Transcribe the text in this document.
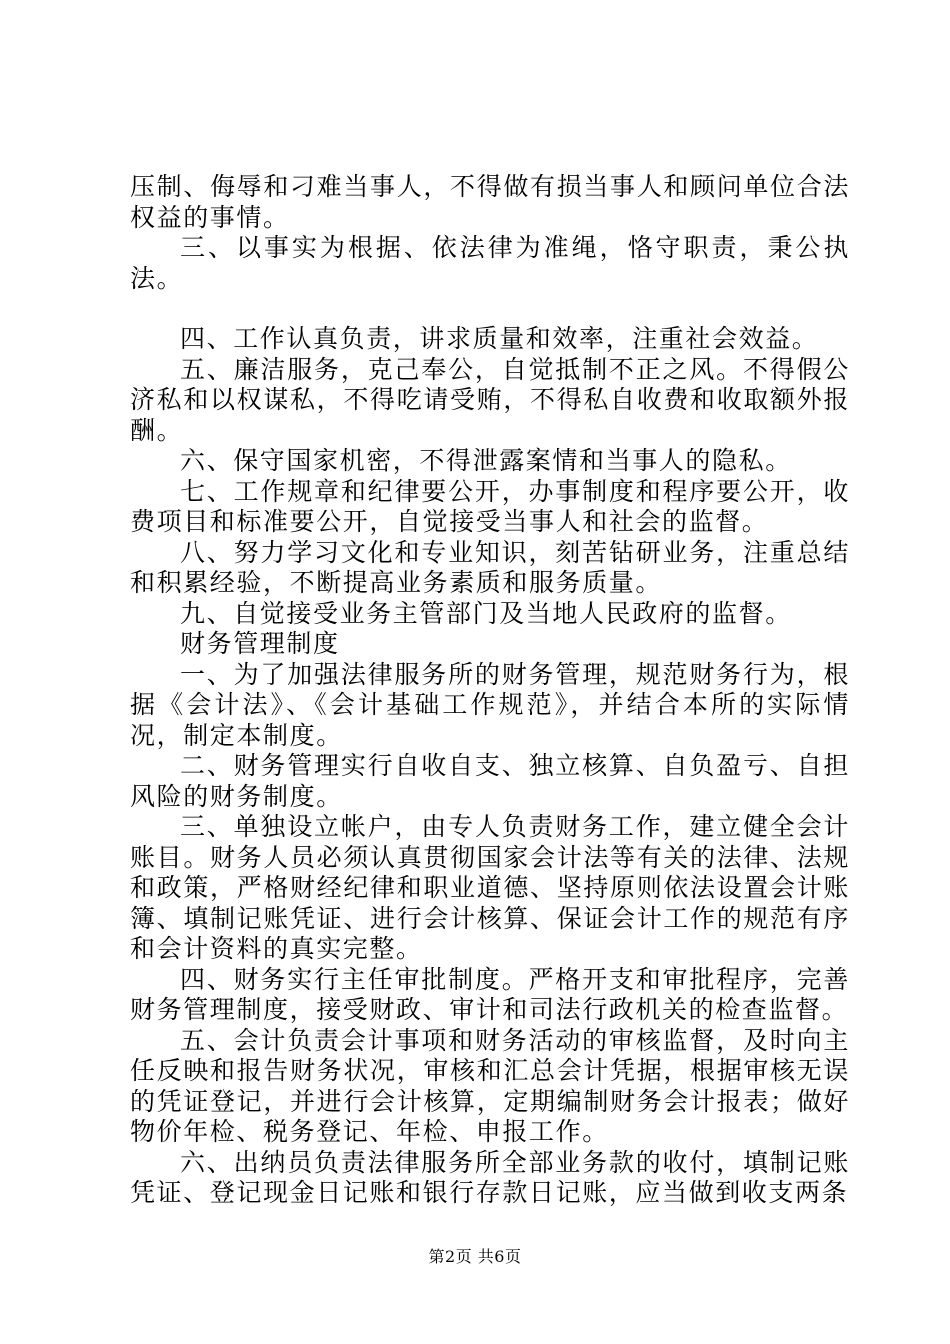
压制、侮辱和刁难当事人，不得做有损当事人和顾问单位合法权益的事情。

三、以事实为根据、依法律为准绳，恪守职责，秉公执法。

四、工作认真负责，讲求质量和效率，注重社会效益。

五、廉洁服务，克己奉公，自觉抵制不正之风。不得假公济私和以权谋私，不得吃请受贿，不得私自收费和收取额外报酬。

六、保守国家机密，不得泄露案情和当事人的隐私。

七、工作规章和纪律要公开，办事制度和程序要公开，收费项目和标准要公开，自觉接受当事人和社会的监督。

八、努力学习文化和专业知识，刻苦钻研业务，注重总结和积累经验，不断提高业务素质和服务质量。

九、自觉接受业务主管部门及当地人民政府的监督。

财务管理制度

一、为了加强法律服务所的财务管理，规范财务行为，根据《会计法》、《会计基础工作规范》，并结合本所的实际情况，制定本制度。

二、财务管理实行自收自支、独立核算、自负盈亏、自担风险的财务制度。

三、单独设立帐户，由专人负责财务工作，建立健全会计账目。财务人员必须认真贯彻国家会计法等有关的法律、法规和政策，严格财经纪律和职业道德、坚持原则依法设置会计账簿、填制记账凭证、进行会计核算、保证会计工作的规范有序和会计资料的真实完整。

四、财务实行主任审批制度。严格开支和审批程序，完善财务管理制度，接受财政、审计和司法行政机关的检查监督。

五、会计负责会计事项和财务活动的审核监督，及时向主任反映和报告财务状况，审核和汇总会计凭据，根据审核无误的凭证登记，并进行会计核算，定期编制财务会计报表；做好物价年检、税务登记、年检、申报工作。

六、出纳员负责法律服务所全部业务款的收付，填制记账凭证、登记现金日记账和银行存款日记账，应当做到收支两条

第2页 共6页
